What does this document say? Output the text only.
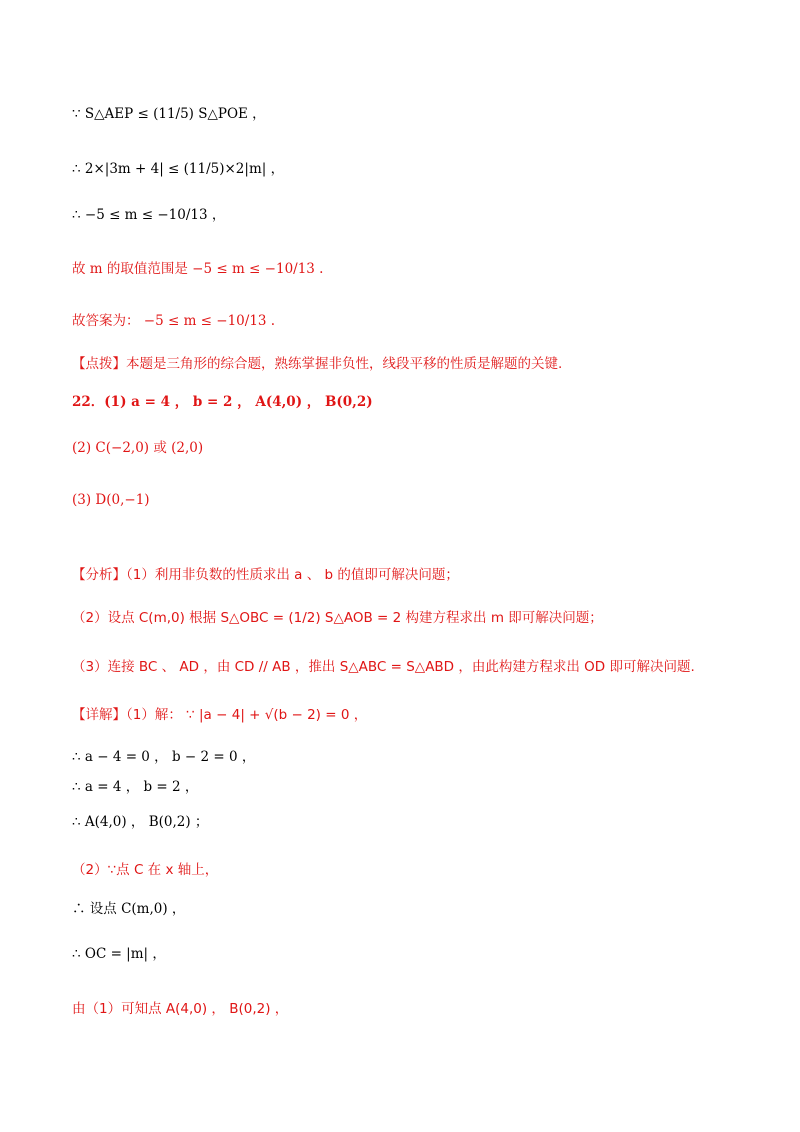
∵ S△AEP ≤ (11/5) S△POE ，
∴ 2×|3m + 4| ≤ (11/5)×2|m| ，
∴ −5 ≤ m ≤ −10/13 ，
故 m 的取值范围是 −5 ≤ m ≤ −10/13 .
故答案为： −5 ≤ m ≤ −10/13 .
【点拨】本题是三角形的综合题，熟练掌握非负性，线段平移的性质是解题的关键.
22．(1) a = 4 ， b = 2 ， A(4,0) ， B(0,2)
(2) C(−2,0) 或 (2,0)
(3) D(0,−1)
【分析】（1）利用非负数的性质求出 a 、 b 的值即可解决问题；
（2）设点 C(m,0) 根据 S△OBC = (1/2) S△AOB = 2 构建方程求出 m 即可解决问题；
（3）连接 BC 、 AD ，由 CD // AB ，推出 S△ABC = S△ABD ，由此构建方程求出 OD 即可解决问题.
【详解】（1）解： ∵ |a − 4| + √(b − 2) = 0 ，
∴ a − 4 = 0 ， b − 2 = 0 ，
∴ a = 4 ， b = 2 ，
∴ A(4,0) ， B(0,2) ；
（2）∵点 C 在 x 轴上，
∴ 设点 C(m,0) ，
∴ OC = |m| ，
由（1）可知点 A(4,0) ， B(0,2) ，
